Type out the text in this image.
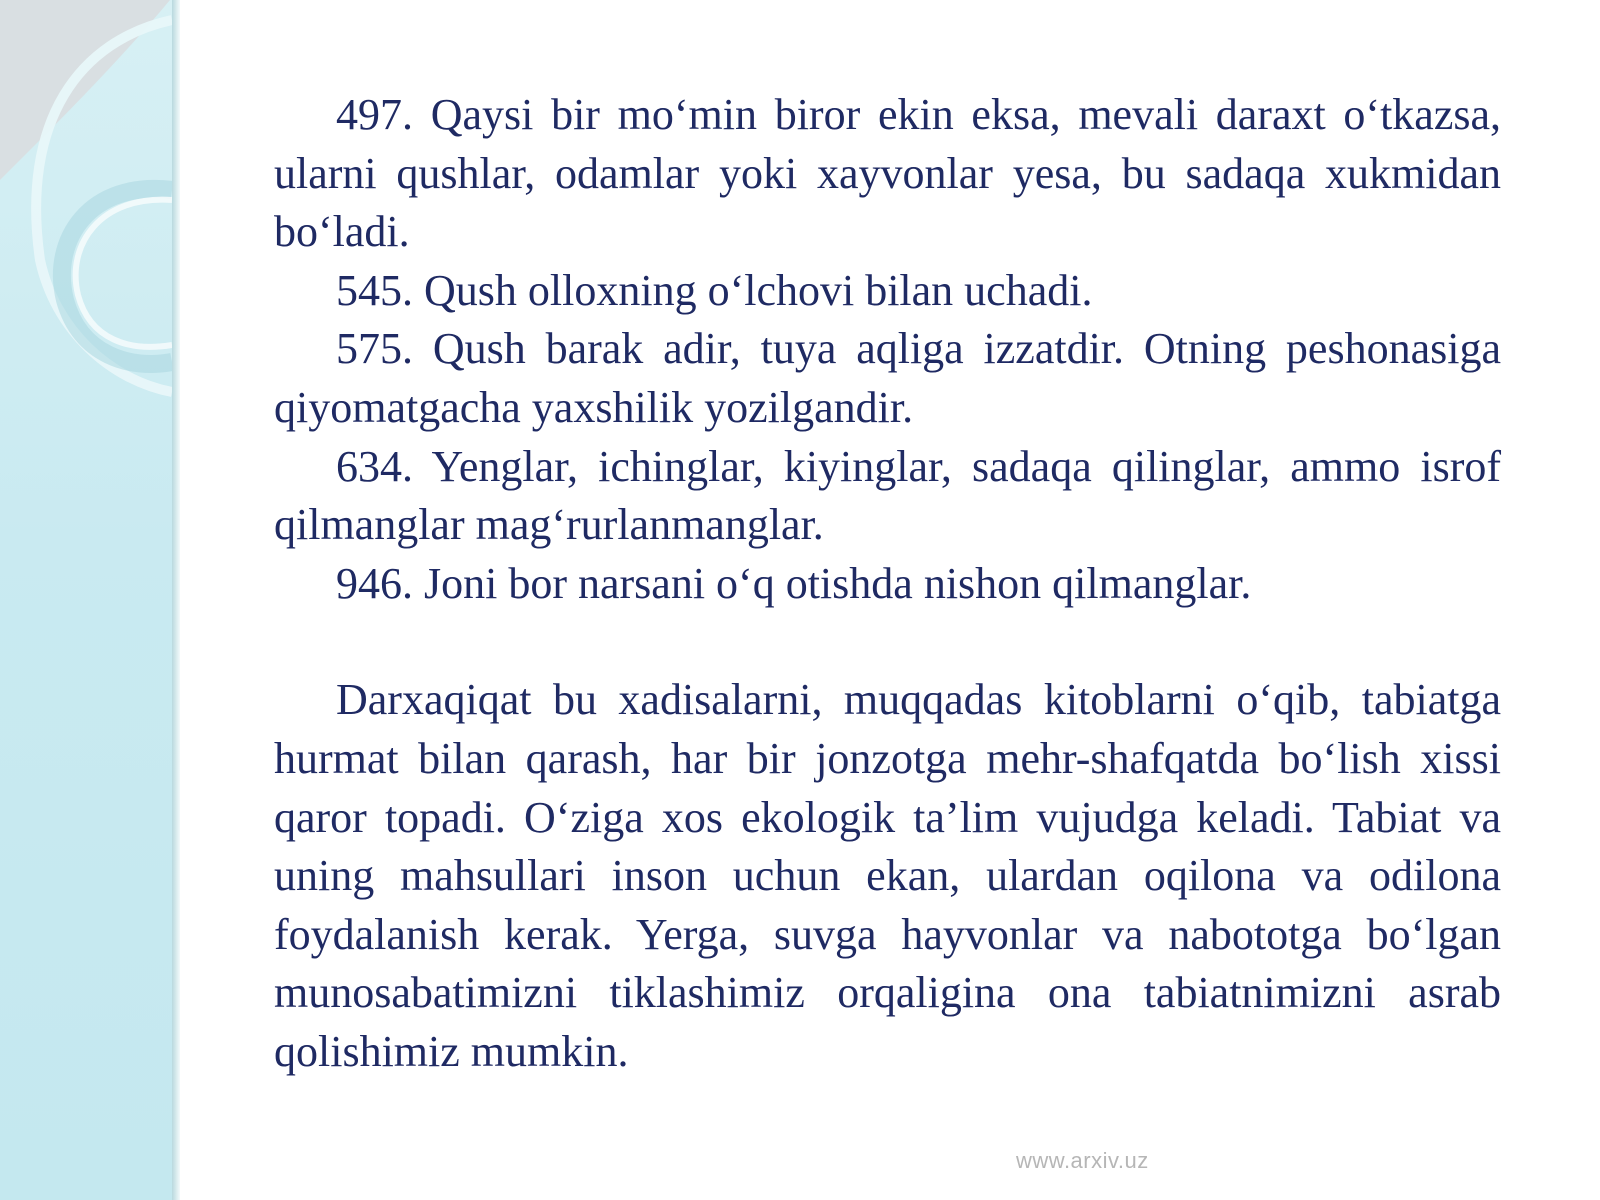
497. Qaysi bir mo‘min biror ekin eksa, mevali daraxt o‘tkazsa, ularni qushlar, odamlar yoki xayvonlar yesa, bu sadaqa xukmidan bo‘ladi.

545. Qush olloxning o‘lchovi bilan uchadi.

575. Qush barak adir, tuya aqliga izzatdir. Otning peshonasiga qiyomatgacha yaxshilik yozilgandir.

634. Yenglar, ichinglar, kiyinglar, sadaqa qilinglar, ammo isrof qilmanglar mag‘rurlanmanglar.

946. Joni bor narsani o‘q otishda nishon qilmanglar.

Darxaqiqat bu xadisalarni, muqqadas kitoblarni o‘qib, tabiatga hurmat bilan qarash, har bir jonzotga mehr-shafqatda bo‘lish xissi qaror topadi. O‘ziga xos ekologik ta’lim vujudga keladi. Tabiat va uning mahsullari inson uchun ekan, ulardan oqilona va odilona foydalanish kerak. Yerga, suvga hayvonlar va nabototga bo‘lgan munosabatimizni tiklashimiz orqaligina ona tabiatnimizni asrab qolishimiz mumkin.

www.arxiv.uz
